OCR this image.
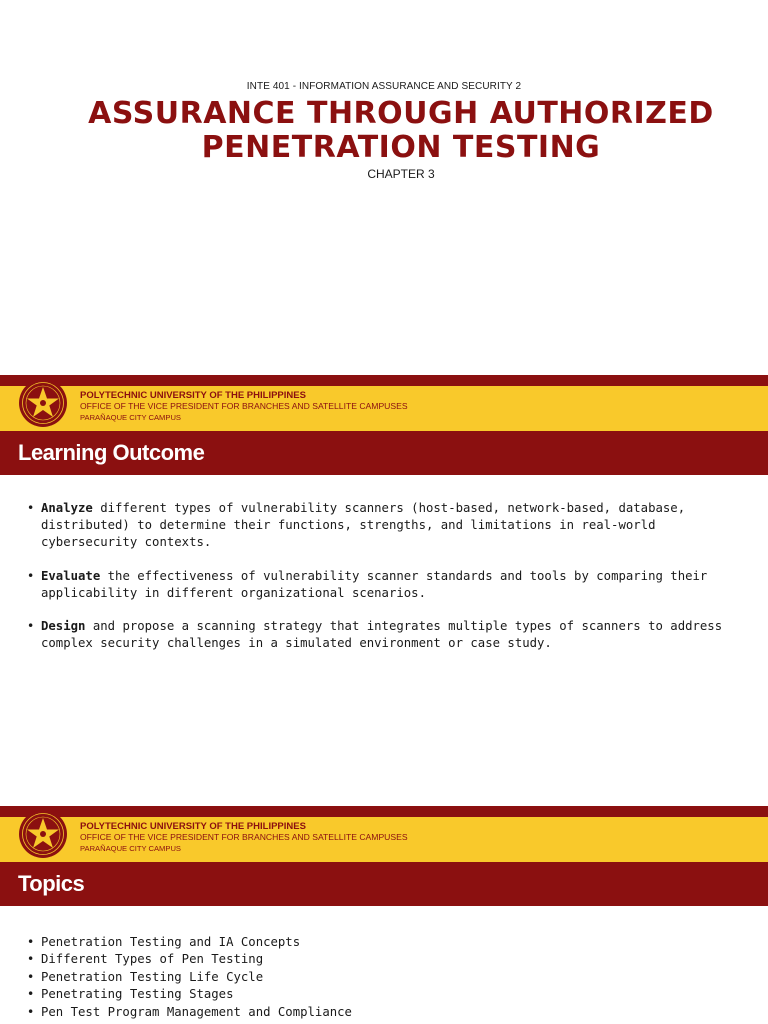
INTE 401 - INFORMATION ASSURANCE AND SECURITY 2
ASSURANCE THROUGH AUTHORIZED
PENETRATION TESTING
CHAPTER 3
POLYTECHNIC UNIVERSITY OF THE PHILIPPINES
OFFICE OF THE VICE PRESIDENT FOR BRANCHES AND SATELLITE CAMPUSES
PARAÑAQUE CITY CAMPUS
Learning Outcome
• Analyze different types of vulnerability scanners (host-based, network-based, database, distributed) to determine their functions, strengths, and limitations in real-world cybersecurity contexts.
• Evaluate the effectiveness of vulnerability scanner standards and tools by comparing their applicability in different organizational scenarios.
• Design and propose a scanning strategy that integrates multiple types of scanners to address complex security challenges in a simulated environment or case study.
POLYTECHNIC UNIVERSITY OF THE PHILIPPINES
OFFICE OF THE VICE PRESIDENT FOR BRANCHES AND SATELLITE CAMPUSES
PARAÑAQUE CITY CAMPUS
Topics
• Penetration Testing and IA Concepts
• Different Types of Pen Testing
• Penetration Testing Life Cycle
• Penetrating Testing Stages
• Pen Test Program Management and Compliance
